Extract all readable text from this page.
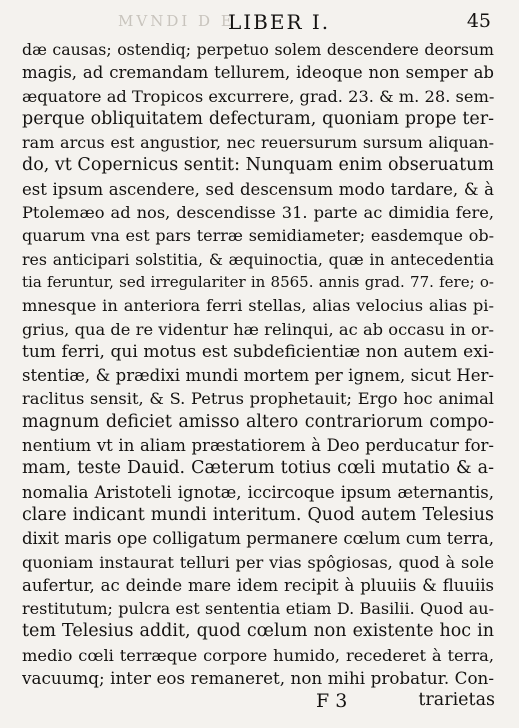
MVNDI D E
LIBER I.	45
dæ causas; ostendiq; perpetuo solem descendere deorsum
magis, ad cremandam tellurem, ideoque non semper ab
æquatore ad Tropicos excurrere, grad. 23. & m. 28. sem-
perque obliquitatem defecturam, quoniam prope ter-
ram arcus est angustior, nec reuersurum sursum aliquan-
do, vt Copernicus sentit: Nunquam enim obseruatum
est ipsum ascendere, sed descensum modo tardare, & à
Ptolemæo ad nos, descendisse 31. parte ac dimidia fere,
quarum vna est pars terræ semidiameter; easdemque ob-
res anticipari solstitia, & æquinoctia, quæ in antecedentia
tia feruntur, sed irregulariter in 8565. annis grad. 77. fere; o-
mnesque in anteriora ferri stellas, alias velocius alias pi-
grius, qua de re videntur hæ relinqui, ac ab occasu in or-
tum ferri, qui motus est subdeficientiæ non autem exi-
stentiæ, & prædixi mundi mortem per ignem, sicut Her-
raclitus sensit, & S. Petrus prophetauit; Ergo hoc animal
magnum deficiet amisso altero contrariorum compo-
nentium vt in aliam præstatiorem à Deo perducatur for-
mam, teste Dauid. Cæterum totius cœli mutatio & a-
nomalia Aristoteli ignotæ, iccircoque ipsum æternantis,
clare indicant mundi interitum. Quod autem Telesius
dixit maris ope colligatum permanere cœlum cum terra,
quoniam instaurat telluri per vias spôgiosas, quod à sole
aufertur, ac deinde mare idem recipit à pluuiis & fluuiis
restitutum; pulcra est sententia etiam D. Basilii. Quod au-
tem Telesius addit, quod cœlum non existente hoc in
medio cœli terræque corpore humido, recederet à terra,
vacuumq; inter eos remaneret, non mihi probatur. Con-
F 3	trarietas
